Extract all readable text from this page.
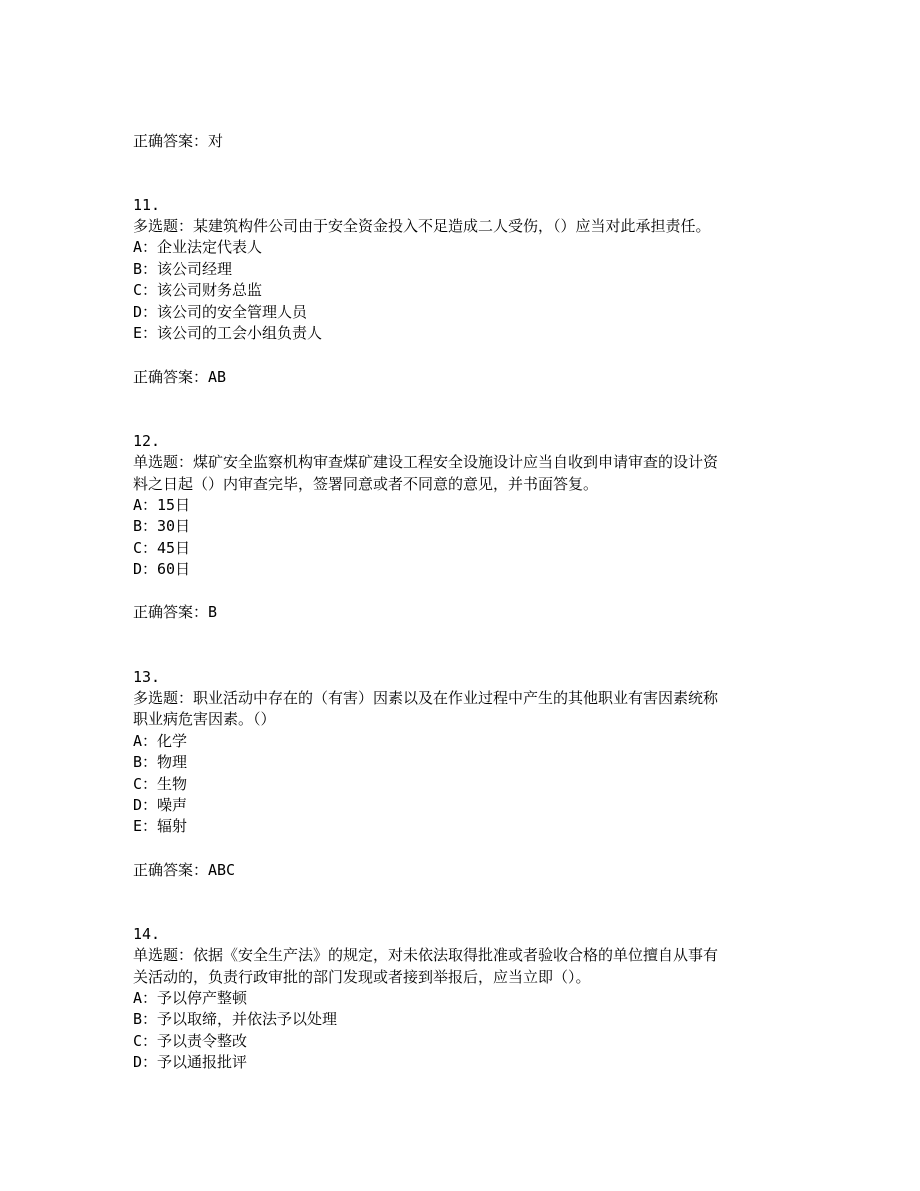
正确答案：对
11.
多选题：某建筑构件公司由于安全资金投入不足造成二人受伤，（）应当对此承担责任。
A：企业法定代表人
B：该公司经理
C：该公司财务总监
D：该公司的安全管理人员
E：该公司的工会小组负责人
正确答案：AB
12.
单选题：煤矿安全监察机构审查煤矿建设工程安全设施设计应当自收到申请审查的设计资
料之日起（）内审查完毕，签署同意或者不同意的意见，并书面答复。
A：15日
B：30日
C：45日
D：60日
正确答案：B
13.
多选题：职业活动中存在的（有害）因素以及在作业过程中产生的其他职业有害因素统称
职业病危害因素。（）
A：化学
B：物理
C：生物
D：噪声
E：辐射
正确答案：ABC
14.
单选题：依据《安全生产法》的规定，对未依法取得批准或者验收合格的单位擅自从事有
关活动的，负责行政审批的部门发现或者接到举报后，应当立即（）。
A：予以停产整顿
B：予以取缔，并依法予以处理
C：予以责令整改
D：予以通报批评
